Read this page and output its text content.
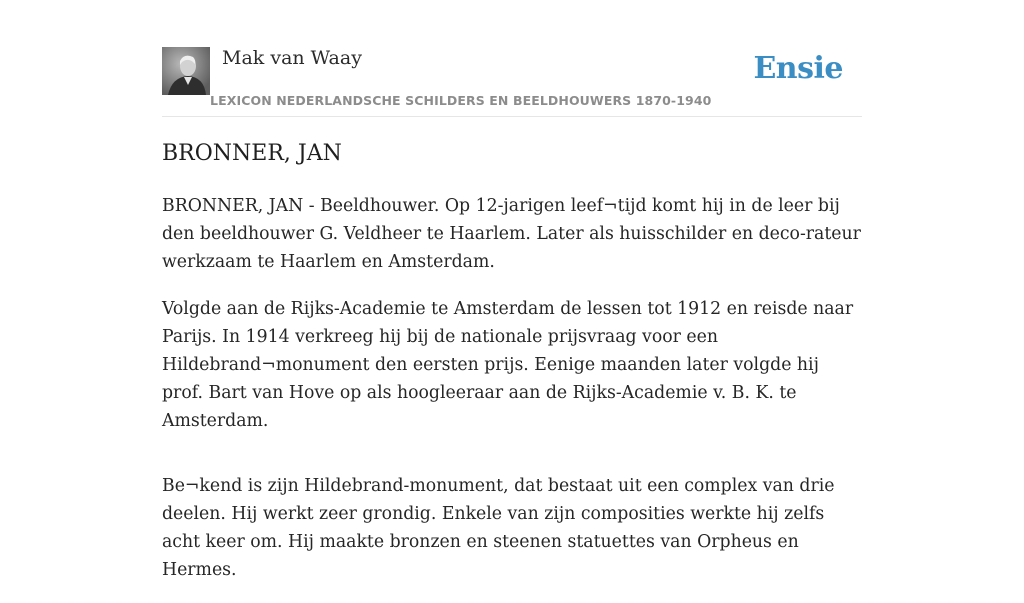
Mak van Waay
LEXICON NEDERLANDSCHE SCHILDERS EN BEELDHOUWERS 1870-1940
Ensie
BRONNER, JAN

BRONNER, JAN - Beeldhouwer. Op 12-jarigen leef¬tijd komt hij in de leer bij den beeldhouwer G. Veldheer te Haarlem. Later als huisschilder en deco-rateur werkzaam te Haarlem en Amsterdam.

Volgde aan de Rijks-Academie te Amsterdam de lessen tot 1912 en reisde naar Parijs. In 1914 verkreeg hij bij de nationale prijsvraag voor een Hildebrand¬monument den eersten prijs. Eenige maanden later volgde hij prof. Bart van Hove op als hoogleeraar aan de Rijks-Academie v. B. K. te Amsterdam.

Be¬kend is zijn Hildebrand-monument, dat bestaat uit een complex van drie deelen. Hij werkt zeer grondig. Enkele van zijn composities werkte hij zelfs acht keer om. Hij maakte bronzen en steenen statuettes van Orpheus en Hermes.
